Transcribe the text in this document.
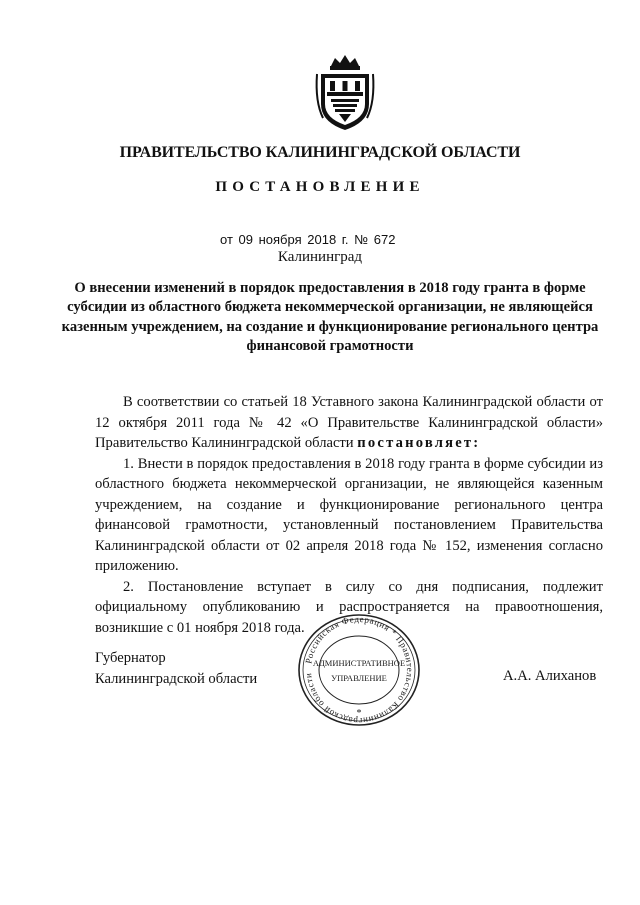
ПРАВИТЕЛЬСТВО КАЛИНИНГРАДСКОЙ ОБЛАСТИ
ПОСТАНОВЛЕНИЕ
от 09 ноября 2018 г. № 672
Калининград
О внесении изменений в порядок предоставления в 2018 году гранта в форме субсидии из областного бюджета некоммерческой организации, не являющейся казенным учреждением, на создание и функционирование регионального центра финансовой грамотности

В соответствии со статьей 18 Уставного закона Калининградской области от 12 октября 2011 года № 42 «О Правительстве Калининградской области» Правительство Калининградской области постановляет:

1. Внести в порядок предоставления в 2018 году гранта в форме субсидии из областного бюджета некоммерческой организации, не являющейся казенным учреждением, на создание и функционирование регионального центра финансовой грамотности, установленный постановлением Правительства Калининградской области от 02 апреля 2018 года № 152, изменения согласно приложению.

2. Постановление вступает в силу со дня подписания, подлежит официальному опубликованию и распространяется на правоотношения, возникшие с 01 ноября 2018 года.

Губернатор
Калининградской области	А.А. Алиханов
Российская Федерация * Правительство Калининградской области
АДМИНИСТРАТИВНОЕ
УПРАВЛЕНИЕ
*
